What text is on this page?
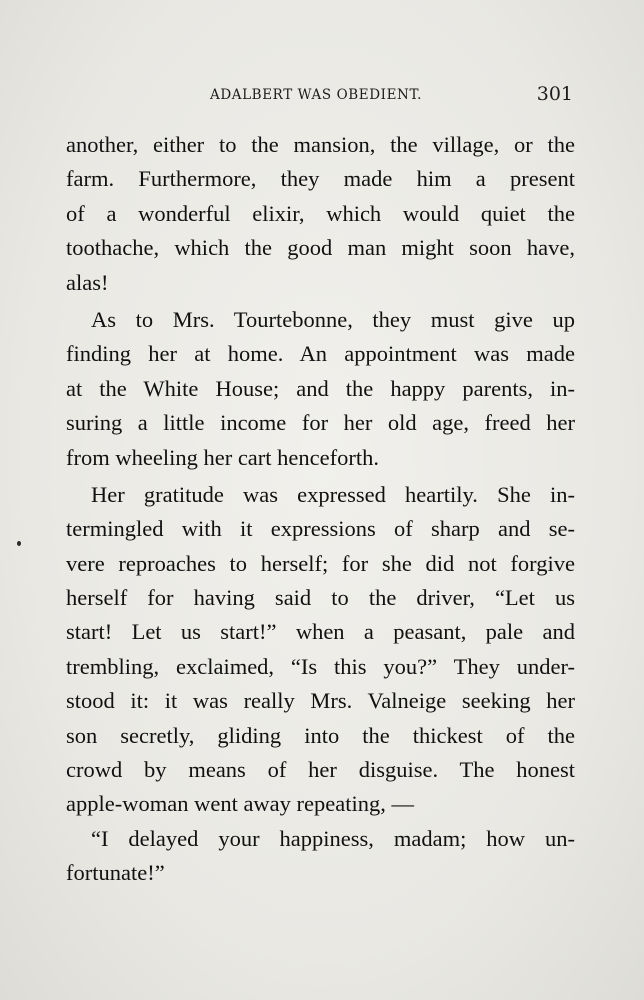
ADALBERT WAS OBEDIENT.	301
another, either to the mansion, the village, or the
farm. Furthermore, they made him a present
of a wonderful elixir, which would quiet the
toothache, which the good man might soon have,
alas!
As to Mrs. Tourtebonne, they must give up
finding her at home. An appointment was made
at the White House; and the happy parents, in-
suring a little income for her old age, freed her
from wheeling her cart henceforth.
Her gratitude was expressed heartily. She in-
termingled with it expressions of sharp and se-
vere reproaches to herself; for she did not forgive
herself for having said to the driver, “Let us
start! Let us start!” when a peasant, pale and
trembling, exclaimed, “Is this you?” They under-
stood it: it was really Mrs. Valneige seeking her
son secretly, gliding into the thickest of the
crowd by means of her disguise. The honest
apple-woman went away repeating, —
“I delayed your happiness, madam; how un-
fortunate!”
